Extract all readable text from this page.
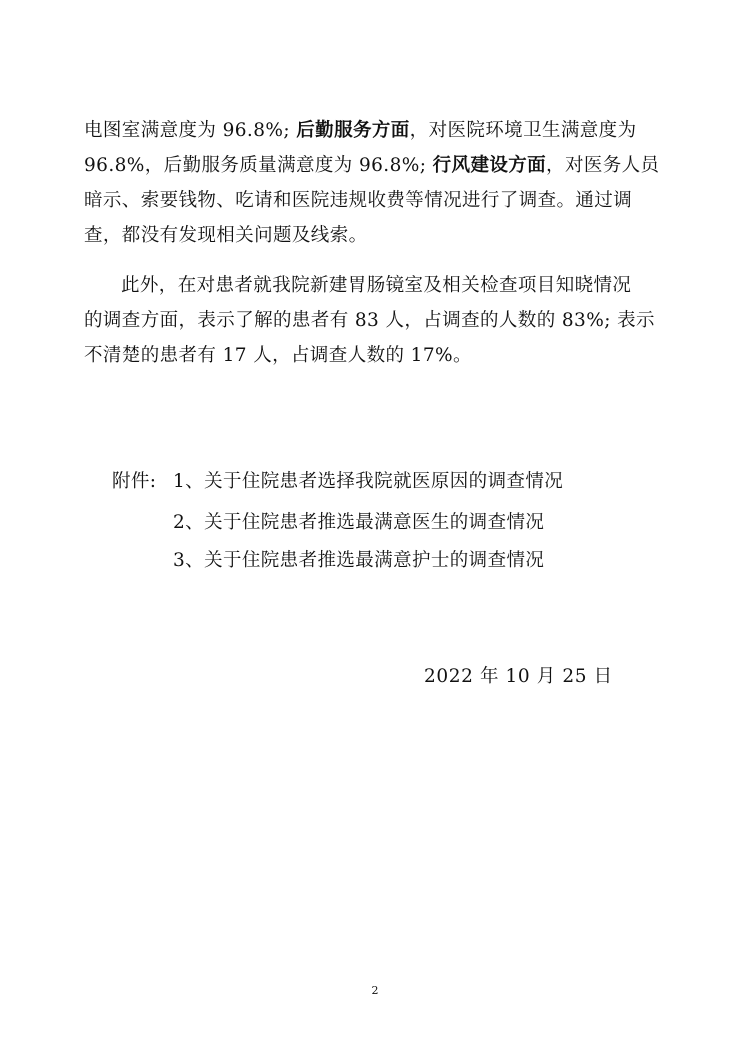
电图室满意度为 96.8%; 后勤服务方面，对医院环境卫生满意度为

96.8%，后勤服务质量满意度为 96.8%; 行风建设方面，对医务人员

暗示、索要钱物、吃请和医院违规收费等情况进行了调查。通过调

查，都没有发现相关问题及线索。

此外，在对患者就我院新建胃肠镜室及相关检查项目知晓情况

的调查方面，表示了解的患者有 83 人，占调查的人数的 83%; 表示

不清楚的患者有 17 人，占调查人数的 17%。

附件: 1、关于住院患者选择我院就医原因的调查情况
2、关于住院患者推选最满意医生的调查情况
3、关于住院患者推选最满意护士的调查情况
2022 年 10 月 25 日
2
